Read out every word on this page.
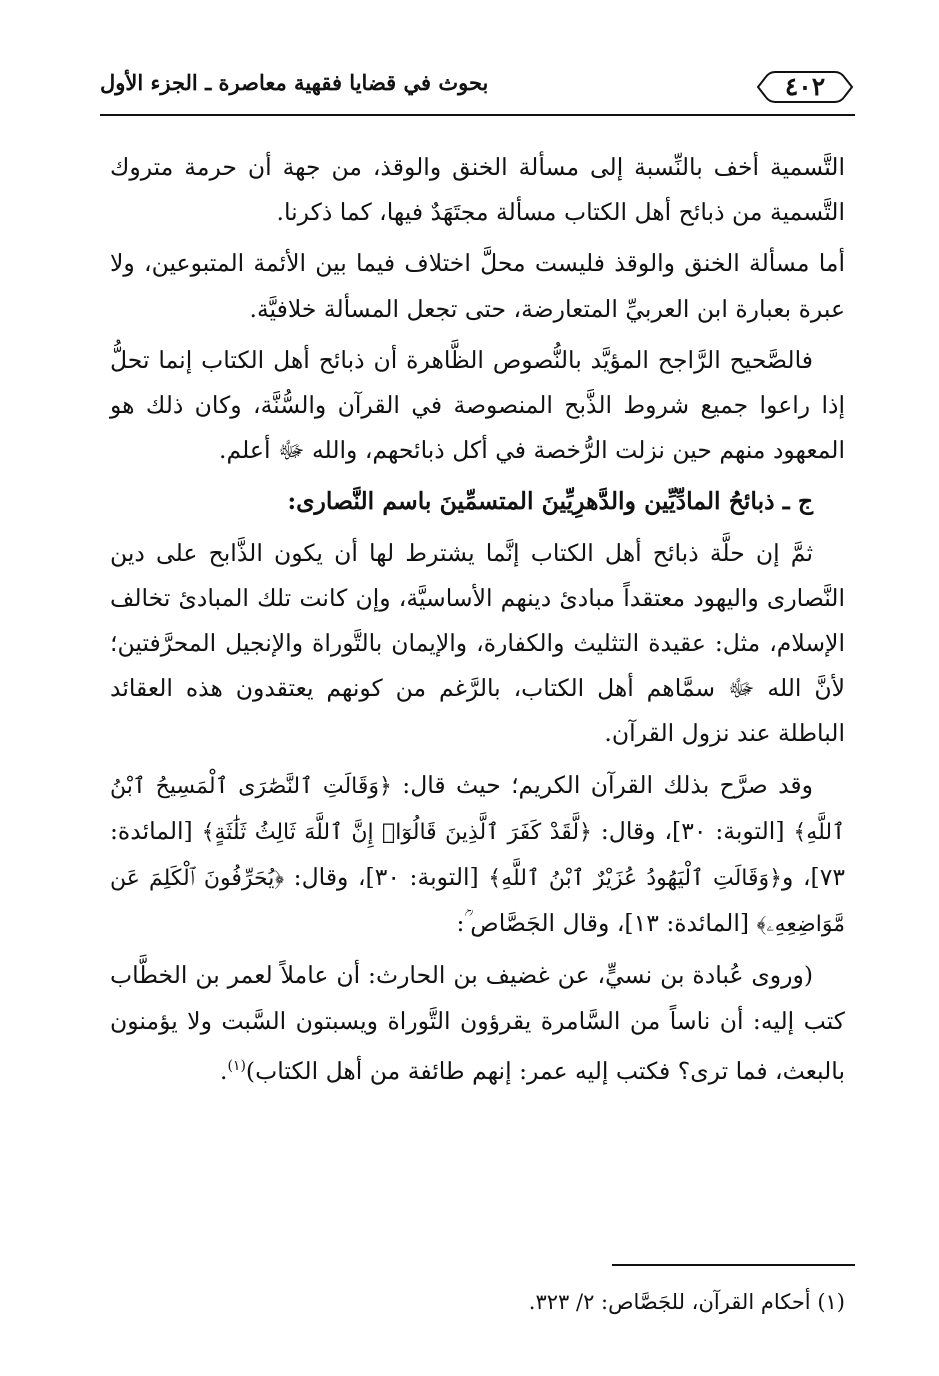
٤٠٢
بحوث في قضايا فقهية معاصرة ـ الجزء الأول

التَّسمية أخف بالنِّسبة إلى مسألة الخنق والوقذ، من جهة أن حرمة متروك التَّسمية من ذبائح أهل الكتاب مسألة مجتَهَدٌ فيها، كما ذكرنا.

أما مسألة الخنق والوقذ فليست محلَّ اختلاف فيما بين الأئمة المتبوعين، ولا عبرة بعبارة ابن العربيِّ المتعارضة، حتى تجعل المسألة خلافيَّة.

فالصَّحيح الرَّاجح المؤيَّد بالنُّصوص الظَّاهرة أن ذبائح أهل الكتاب إنما تحلُّ إذا راعوا جميع شروط الذَّبح المنصوصة في القرآن والسُّنَّة، وكان ذلك هو المعهود منهم حين نزلت الرُّخصة في أكل ذبائحهم، والله ﷻ أعلم.

ج ـ ذبائحُ المادِّيِّين والدَّهرِيِّينَ المتسمِّينَ باسم النَّصارى:

ثمَّ إن حلَّة ذبائح أهل الكتاب إنَّما يشترط لها أن يكون الذَّابح على دين النَّصارى واليهود معتقداً مبادئ دينهم الأساسيَّة، وإن كانت تلك المبادئ تخالف الإسلام، مثل: عقيدة التثليث والكفارة، والإيمان بالتَّوراة والإنجيل المحرَّفتين؛ لأنَّ الله ﷻ سمَّاهم أهل الكتاب، بالرَّغم من كونهم يعتقدون هذه العقائد الباطلة عند نزول القرآن.

وقد صرَّح بذلك القرآن الكريم؛ حيث قال: ﴿وَقَالَتِ ٱلنَّصَٰرَى ٱلْمَسِيحُ ٱبْنُ ٱللَّهِ﴾ [التوبة: ٣٠]، وقال: ﴿لَّقَدْ كَفَرَ ٱلَّذِينَ قَالُوٓا۟ إِنَّ ٱللَّهَ ثَالِثُ ثَلَٰثَةٍ﴾ [المائدة: ٧٣]، و﴿وَقَالَتِ ٱلْيَهُودُ عُزَيْرٌ ٱبْنُ ٱللَّهِ﴾ [التوبة: ٣٠]، وقال: ﴿يُحَرِّفُونَ ٱلْكَلِمَ عَن مَّوَاضِعِهِۦ﴾ [المائدة: ١٣]، وقال الجَصَّاص ؒ:

(وروى عُبادة بن نسيٍّ، عن غضيف بن الحارث: أن عاملاً لعمر بن الخطَّاب كتب إليه: أن ناساً من السَّامرة يقرؤون التَّوراة ويسبتون السَّبت ولا يؤمنون بالبعث، فما ترى؟ فكتب إليه عمر: إنهم طائفة من أهل الكتاب)$^{(١)}$.

(١) أحكام القرآن، للجَصَّاص: ٢/ ٣٢٣.
